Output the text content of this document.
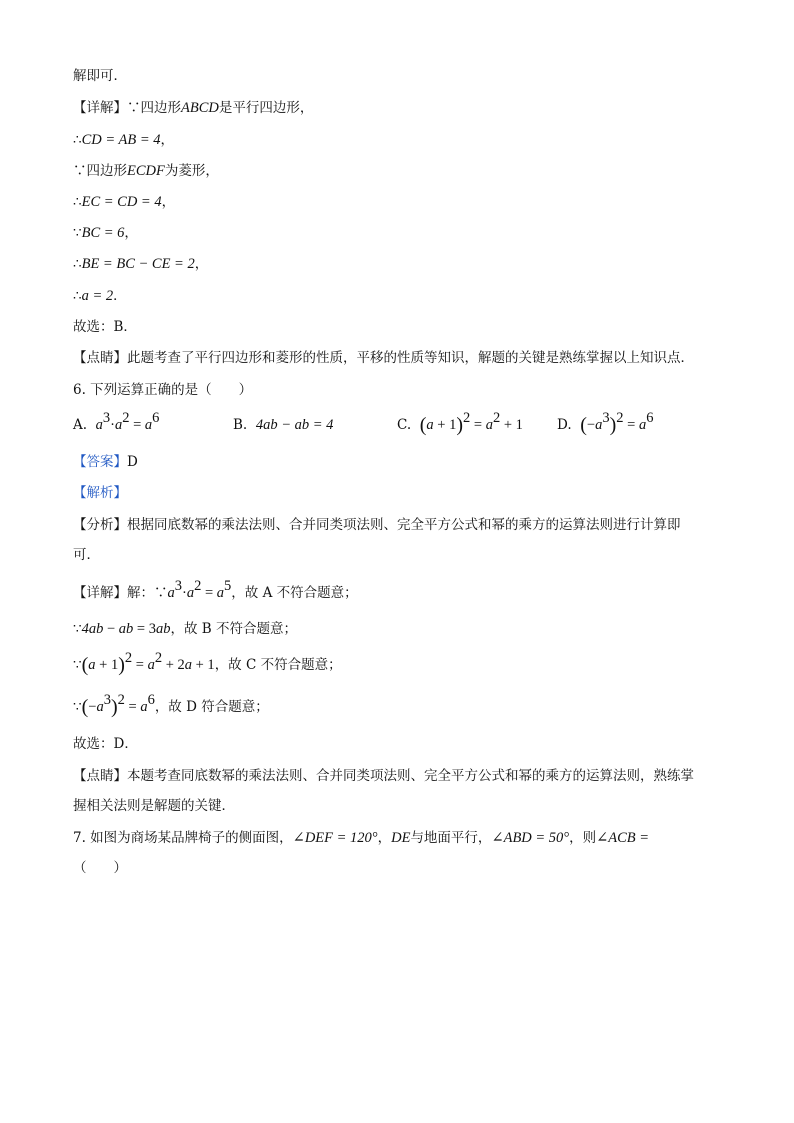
解即可．
【详解】∵四边形ABCD是平行四边形，
∴CD = AB = 4，
∵四边形ECDF为菱形，
∴EC = CD = 4，
∵BC = 6，
∴BE = BC − CE = 2，
∴a = 2．
故选：B．
【点睛】此题考查了平行四边形和菱形的性质，平移的性质等知识，解题的关键是熟练掌握以上知识点．
6. 下列运算正确的是（　　）
A. $a^3\cdot a^2 = a^6$	B. 4ab − ab = 4	C. $(a + 1)^2 = a^2 + 1$	D. $(-a^3)^2 = a^6$
【答案】D
【解析】
【分析】根据同底数幂的乘法法则、合并同类项法则、完全平方公式和幂的乘方的运算法则进行计算即
可．
【详解】解：$\because a^3\cdot a^2 = a^5$，故 A 不符合题意；
∵4ab − ab = 3ab，故 B 不符合题意；
∵(a + $1)^2 = a^2 + 2a + 1$，故 C 不符合题意；
$\because(-a^3)^2 = a^6$，故 D 符合题意；
故选：D．
【点睛】本题考查同底数幂的乘法法则、合并同类项法则、完全平方公式和幂的乘方的运算法则，熟练掌
握相关法则是解题的关键．
7. 如图为商场某品牌椅子的侧面图，∠DEF = 120°，DE与地面平行，∠ABD = 50°，则∠ACB =
（　　）
